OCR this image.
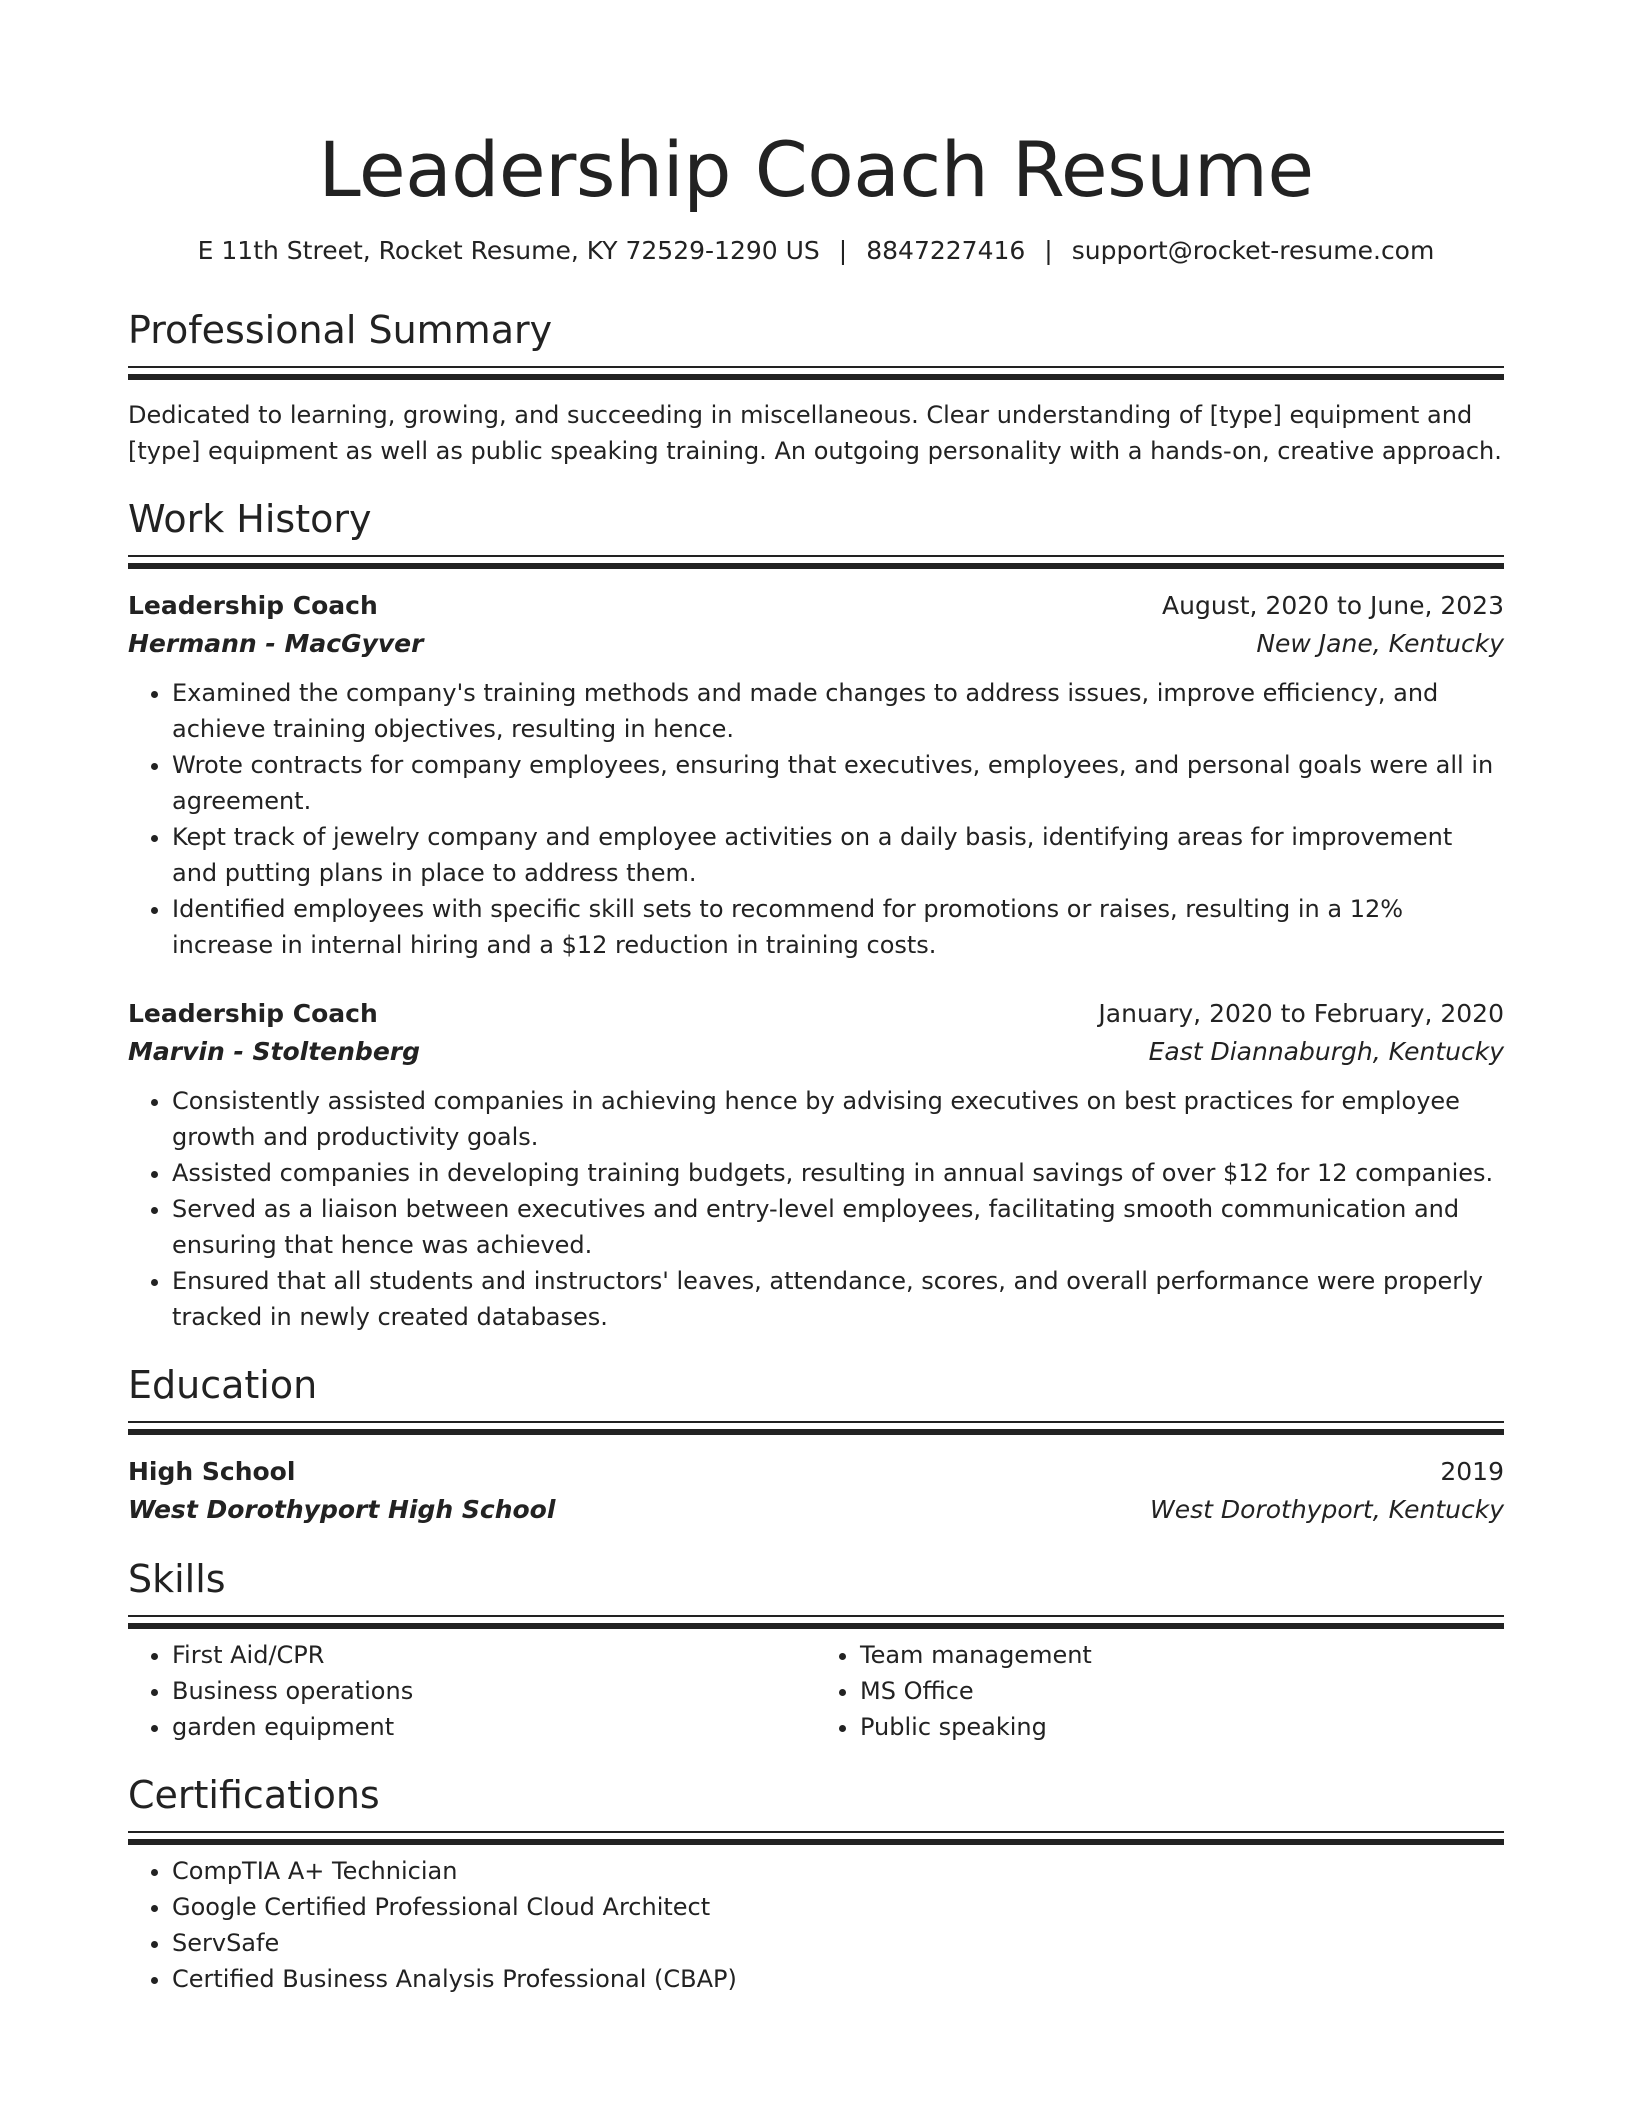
Leadership Coach Resume
E 11th Street, Rocket Resume, KY 72529-1290 US | 8847227416 | support@rocket-resume.com
Professional Summary

Dedicated to learning, growing, and succeeding in miscellaneous. Clear understanding of [type] equipment and [type] equipment as well as public speaking training. An outgoing personality with a hands-on, creative approach.

Work History
Leadership Coach	August, 2020 to June, 2023
Hermann - MacGyver	New Jane, Kentucky
• Examined the company's training methods and made changes to address issues, improve efficiency, and achieve training objectives, resulting in hence.
• Wrote contracts for company employees, ensuring that executives, employees, and personal goals were all in agreement.
• Kept track of jewelry company and employee activities on a daily basis, identifying areas for improvement and putting plans in place to address them.
• Identified employees with specific skill sets to recommend for promotions or raises, resulting in a 12% increase in internal hiring and a $12 reduction in training costs.
Leadership Coach	January, 2020 to February, 2020
Marvin - Stoltenberg	East Diannaburgh, Kentucky
• Consistently assisted companies in achieving hence by advising executives on best practices for employee growth and productivity goals.
• Assisted companies in developing training budgets, resulting in annual savings of over $12 for 12 companies.
• Served as a liaison between executives and entry-level employees, facilitating smooth communication and ensuring that hence was achieved.
• Ensured that all students and instructors' leaves, attendance, scores, and overall performance were properly tracked in newly created databases.
Education
High School	2019
West Dorothyport High School	West Dorothyport, Kentucky
Skills
• First Aid/CPR
• Business operations
• garden equipment
• Team management
• MS Office
• Public speaking
Certifications
• CompTIA A+ Technician
• Google Certified Professional Cloud Architect
• ServSafe
• Certified Business Analysis Professional (CBAP)
